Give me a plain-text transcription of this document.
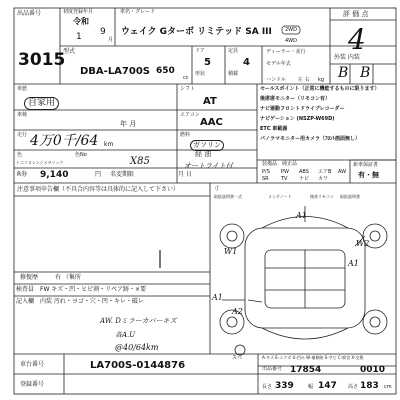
出品番号
3015
初度登録年月
令和
1 9
月
車名・グレード
ウェイク Gターボ リミテッド SA III	2WD
4WD
評 価 点
4
型式
DBA-LA700S 650
cc
ドア
5
定員
4
ディーラー・並行
形状	積載
モデル年式
ハンドル 左 右 kg
外装 内装
B B
車歴
自家用
シフト
AT
車検
年 月
エアコン
AAC
走行 4万0千/64 km
燃料
ガソリン
色	色No
トニコオレンジメタリック	X85
経 油
オートライト付
R券 9,140	円 名変期限	月 日
セールスポイント（正常に機能するものに限ります）
後席席モニター（リモコン有）
ナビ連動フロントドライブレコーダー
ナビゲーション (NSZP-W69D)
ETC 車載器
パノラマモニター用カメラ（ﾌﾛﾝﾄ画面無し）
装備品 純正品
P/S PW ABS エアB AW
SR TV ナビ カワ
新車保証書
有・無
寸
取扱説明書一式	メンテノート	後席リモコン 取扱説明書
注意事項申告欄（不具合内容等は具体的に記入して下さい）
修復歴	有 （集所
検査員 FW キズ・凹・ヒビ割・リペア跡・×要
記入欄 内装 汚れ・ヨゴ・穴・凹・キレ・破レ
AW. Dミラーカバーキズ
各A.U
@40/64km
A1
W2
A1
W1
A1
A2
スペ	A-キズ E-エクボ U-凹み W-補修跡 S-サビ C-腐食 X-交換
車台番号	LA700S-0144876
登録番号
出品番号 17854	0010
長さ 339	幅 147 高さ 183 cm
